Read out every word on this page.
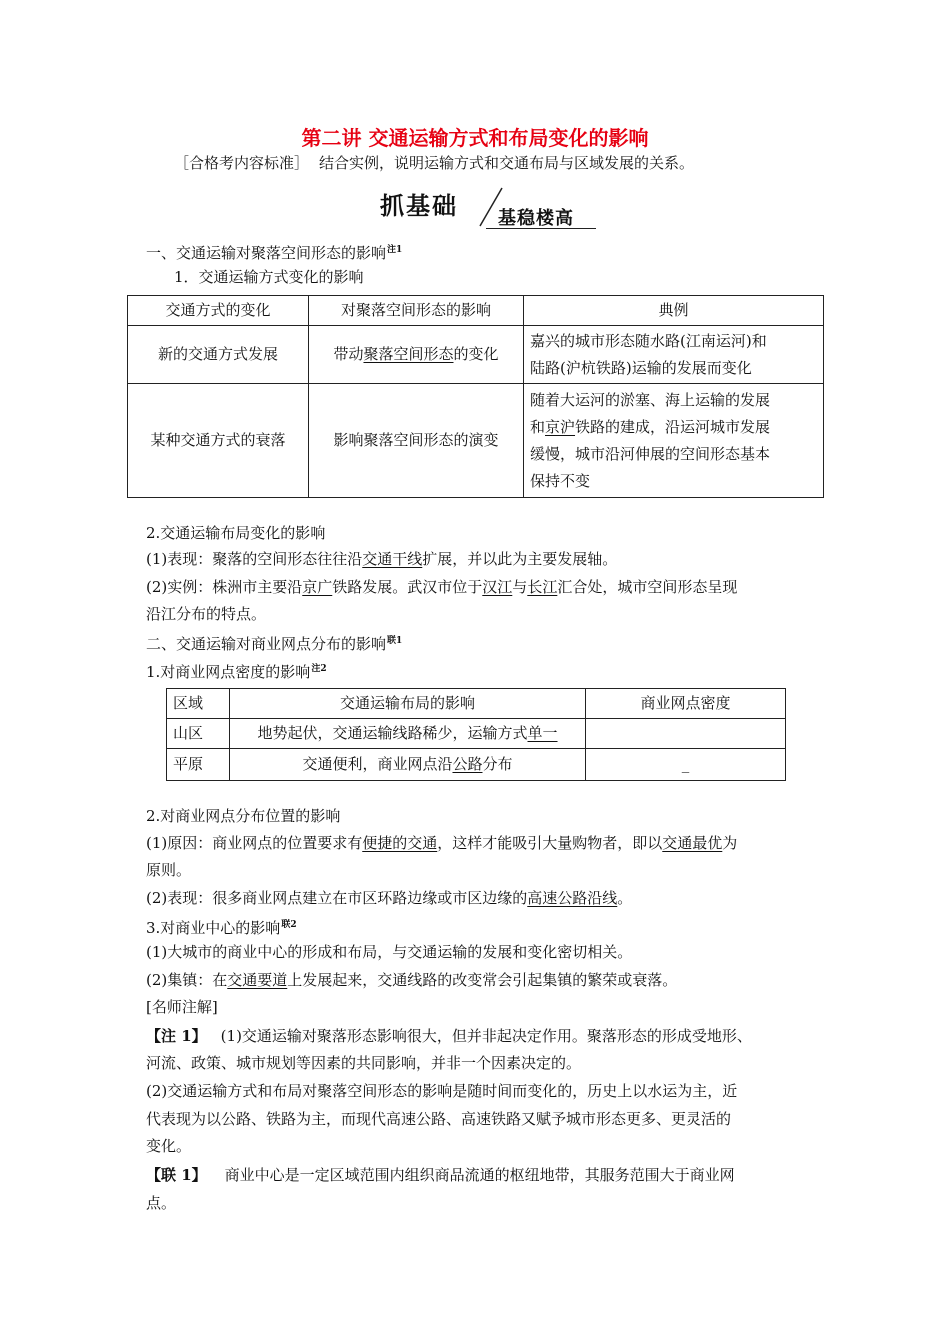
第二讲 交通运输方式和布局变化的影响
［合格考内容标准］ 结合实例，说明运输方式和交通布局与区域发展的关系。
抓基础 基稳楼高
一、交通运输对聚落空间形态的影响$^{注1}$
1．交通运输方式变化的影响
交通方式的变化	对聚落空间形态的影响	典例
新的交通方式发展	带动聚落空间形态的变化	嘉兴的城市形态随水路(江南运河)和
陆路(沪杭铁路)运输的发展而变化

某种交通方式的衰落	影响聚落空间形态的演变	随着大运河的淤塞、海上运输的发展
和京沪铁路的建成，沿运河城市发展
缓慢，城市沿河伸展的空间形态基本
保持不变
2.交通运输布局变化的影响
(1)表现：聚落的空间形态往往沿交通干线扩展，并以此为主要发展轴。
(2)实例：株洲市主要沿京广铁路发展。武汉市位于汉江与长江汇合处，城市空间形态呈现
沿江分布的特点。
二、交通运输对商业网点分布的影响$^{联1}$
1.对商业网点密度的影响$^{注2}$
区域	交通运输布局的影响	商业网点密度
山区	地势起伏，交通运输线路稀少，运输方式单一	
平原	交通便利，商业网点沿公路分布	_
2.对商业网点分布位置的影响
(1)原因：商业网点的位置要求有便捷的交通，这样才能吸引大量购物者，即以交通最优为
原则。
(2)表现：很多商业网点建立在市区环路边缘或市区边缘的高速公路沿线。
3.对商业中心的影响$^{联2}$
(1)大城市的商业中心的形成和布局，与交通运输的发展和变化密切相关。
(2)集镇：在交通要道上发展起来，交通线路的改变常会引起集镇的繁荣或衰落。
[名师注解]
【注 1】 (1)交通运输对聚落形态影响很大，但并非起决定作用。聚落形态的形成受地形、
河流、政策、城市规划等因素的共同影响，并非一个因素决定的。
(2)交通运输方式和布局对聚落空间形态的影响是随时间而变化的，历史上以水运为主，近
代表现为以公路、铁路为主，而现代高速公路、高速铁路又赋予城市形态更多、更灵活的
变化。
【联 1】 商业中心是一定区域范围内组织商品流通的枢纽地带，其服务范围大于商业网
点。
